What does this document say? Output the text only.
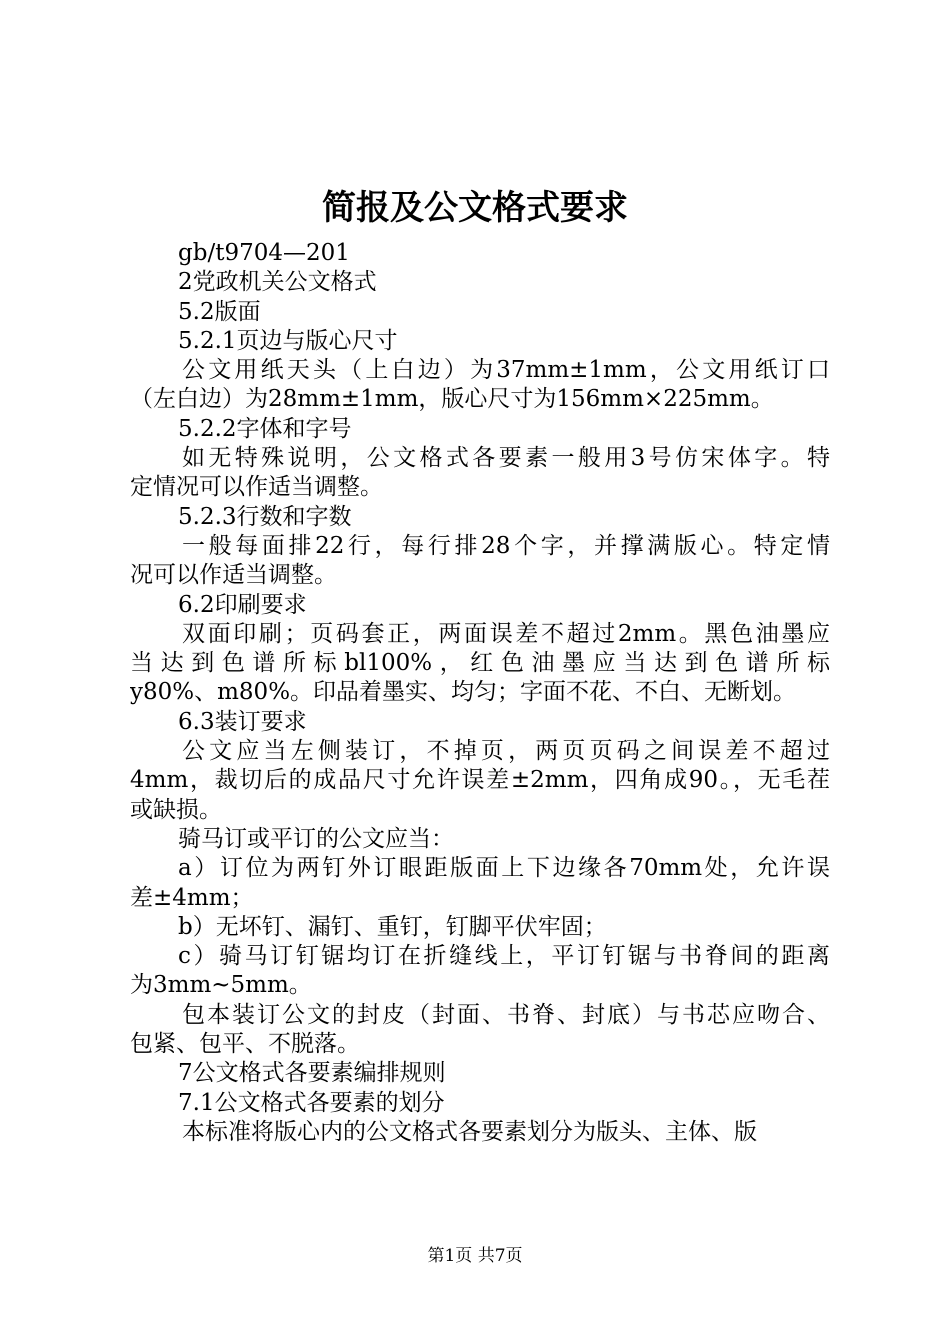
简报及公文格式要求
gb/t9704—201
2党政机关公文格式
5.2版面
5.2.1页边与版心尺寸
公文用纸天头（上白边）为37mm±1mm，公文用纸订口
（左白边）为28mm±1mm，版心尺寸为156mm×225mm。
5.2.2字体和字号
如无特殊说明，公文格式各要素一般用3号仿宋体字。特
定情况可以作适当调整。
5.2.3行数和字数
一般每面排22行，每行排28个字，并撑满版心。特定情
况可以作适当调整。
6.2印刷要求
双面印刷；页码套正，两面误差不超过2mm。黑色油墨应
当达到色谱所标bl100%，红色油墨应当达到色谱所标
y80%、m80%。印品着墨实、均匀；字面不花、不白、无断划。
6.3装订要求
公文应当左侧装订，不掉页，两页页码之间误差不超过
4mm，裁切后的成品尺寸允许误差±2mm，四角成90。，无毛茬
或缺损。
骑马订或平订的公文应当：
a）订位为两钉外订眼距版面上下边缘各70mm处，允许误
差±4mm；
b）无坏钉、漏钉、重钉，钉脚平伏牢固；
c）骑马订钉锯均订在折缝线上，平订钉锯与书脊间的距离
为3mm~5mm。
包本装订公文的封皮（封面、书脊、封底）与书芯应吻合、
包紧、包平、不脱落。
7公文格式各要素编排规则
7.1公文格式各要素的划分
本标准将版心内的公文格式各要素划分为版头、主体、版
第1页 共7页
